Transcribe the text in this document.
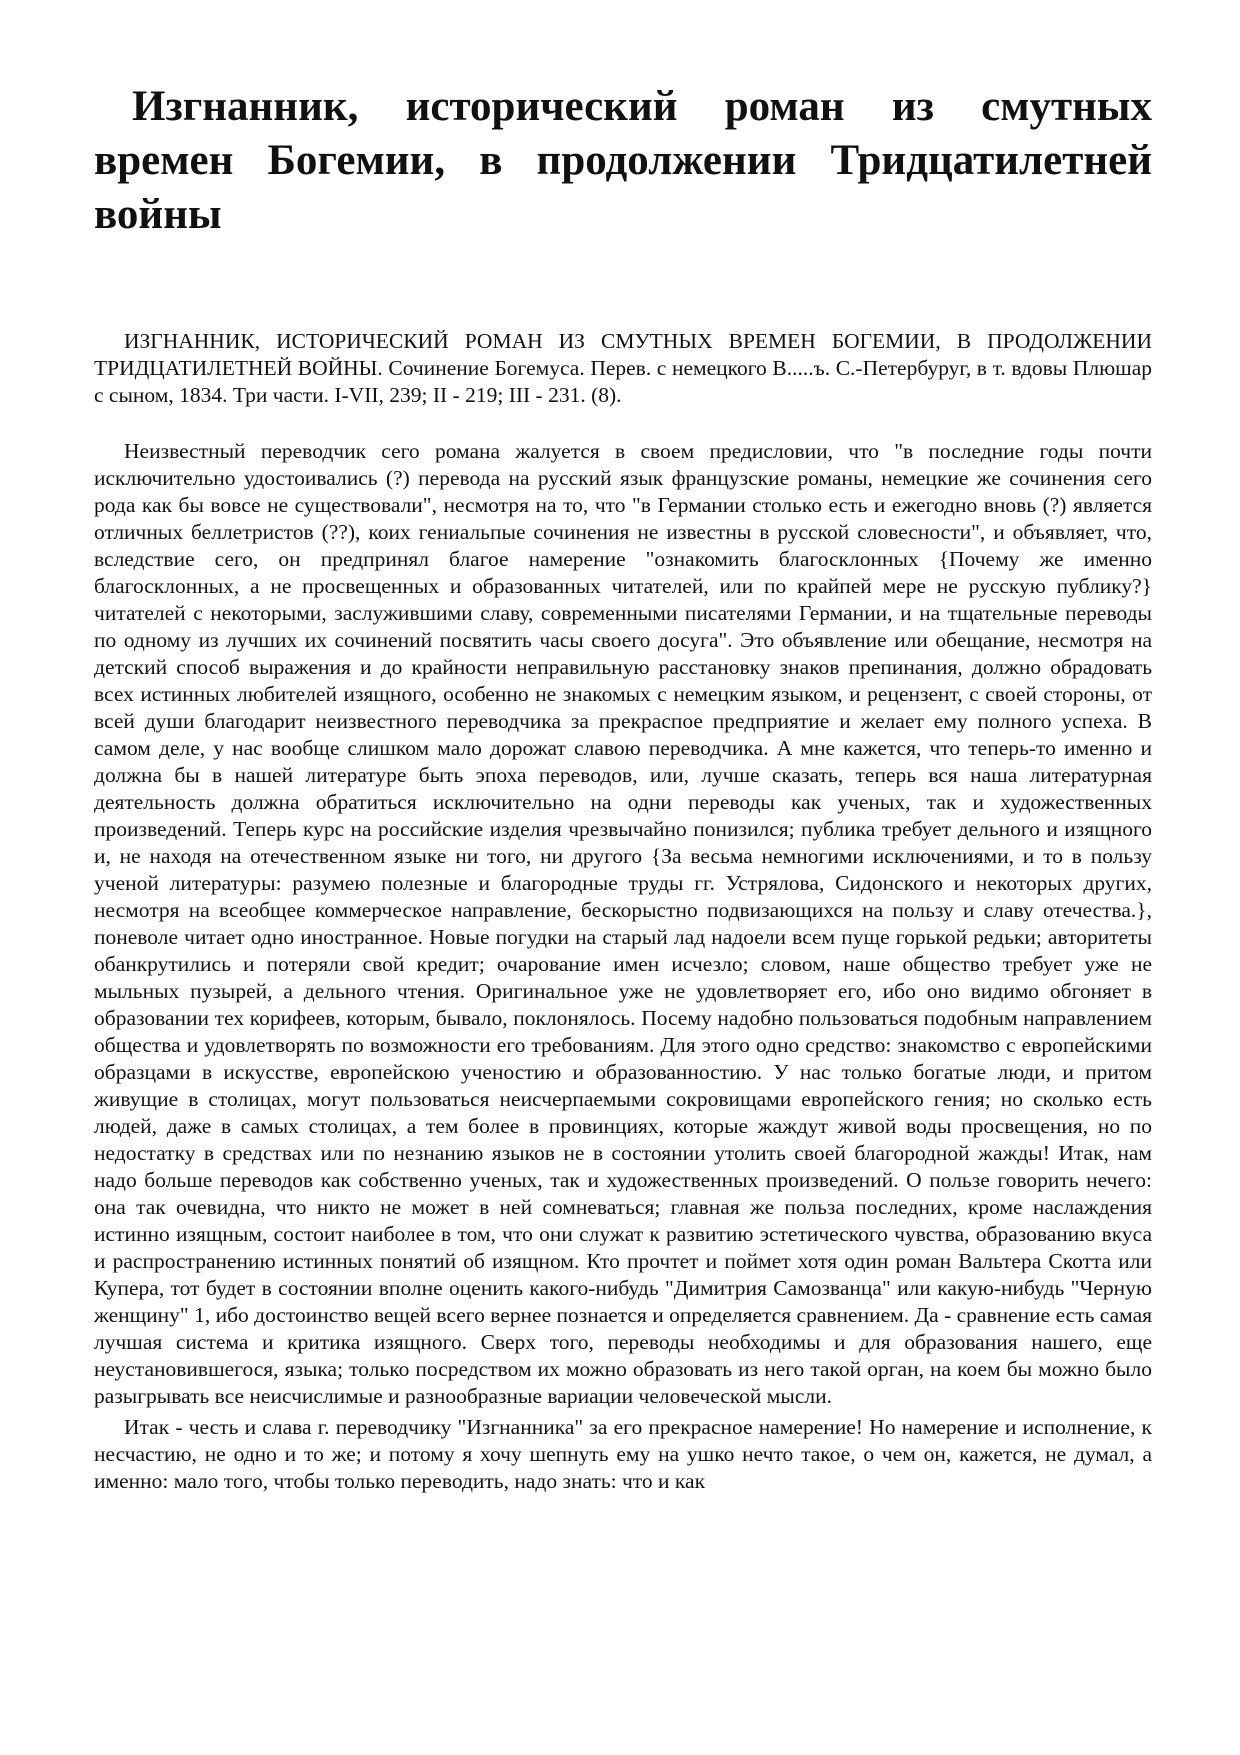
Изгнанник, исторический роман из смутных времен Богемии, в продолжении Тридцатилетней войны

ИЗГНАННИК, ИСТОРИЧЕСКИЙ РОМАН ИЗ СМУТНЫХ ВРЕМЕН БОГЕМИИ, В ПРОДОЛЖЕНИИ ТРИДЦАТИЛЕТНЕЙ ВОЙНЫ. Сочинение Богемуса. Перев. с немецкого В.....ъ. С.-Петербуруг, в т. вдовы Плюшар с сыном, 1834. Три части. I-VII, 239; II - 219; III - 231. (8).

Неизвестный переводчик сего романа жалуется в своем предисловии, что "в последние годы почти исключительно удостоивались (?) перевода на русский язык французские романы, немецкие же сочинения сего рода как бы вовсе не существовали", несмотря на то, что "в Германии столько есть и ежегодно вновь (?) является отличных беллетристов (??), коих гениальпые сочинения не известны в русской словесности", и объявляет, что, вследствие сего, он предпринял благое намерение "ознакомить благосклонных {Почему же именно благосклонных, а не просвещенных и образованных читателей, или по крайпей мере не русскую публику?} читателей с некоторыми, заслужившими славу, современными писателями Германии, и на тщательные переводы по одному из лучших их сочинений посвятить часы своего досуга". Это объявление или обещание, несмотря на детский способ выражения и до крайности неправильную расстановку знаков препинания, должно обрадовать всех истинных любителей изящного, особенно не знакомых с немецким языком, и рецензент, с своей стороны, от всей души благодарит неизвестного переводчика за прекраспое предприятие и желает ему полного успеха. В самом деле, у нас вообще слишком мало дорожат славою переводчика. А мне кажется, что теперь-то именно и должна бы в нашей литературе быть эпоха переводов, или, лучше сказать, теперь вся наша литературная деятельность должна обратиться исключительно на одни переводы как ученых, так и художественных произведений. Теперь курс на российские изделия чрезвычайно понизился; публика требует дельного и изящного и, не находя на отечественном языке ни того, ни другого {За весьма немногими исключениями, и то в пользу ученой литературы: разумею полезные и благородные труды гг. Устрялова, Сидонского и некоторых других, несмотря на всеобщее коммерческое направление, бескорыстно подвизающихся на пользу и славу отечества.}, поневоле читает одно иностранное. Новые погудки на старый лад надоели всем пуще горькой редьки; авторитеты обанкрутились и потеряли свой кредит; очарование имен исчезло; словом, наше общество требует уже не мыльных пузырей, а дельного чтения. Оригинальное уже не удовлетворяет его, ибо оно видимо обгоняет в образовании тех корифеев, которым, бывало, поклонялось. Посему надобно пользоваться подобным направлением общества и удовлетворять по возможности его требованиям. Для этого одно средство: знакомство с европейскими образцами в искусстве, европейскою ученостию и образованностию. У нас только богатые люди, и притом живущие в столицах, могут пользоваться неисчерпаемыми сокровищами европейского гения; но сколько есть людей, даже в самых столицах, а тем более в провинциях, которые жаждут живой воды просвещения, но по недостатку в средствах или по незнанию языков не в состоянии утолить своей благородной жажды! Итак, нам надо больше переводов как собственно ученых, так и художественных произведений. О пользе говорить нечего: она так очевидна, что никто не может в ней сомневаться; главная же польза последних, кроме наслаждения истинно изящным, состоит наиболее в том, что они служат к развитию эстетического чувства, образованию вкуса и распространению истинных понятий об изящном. Кто прочтет и поймет хотя один роман Вальтера Скотта или Купера, тот будет в состоянии вполне оценить какого-нибудь "Димитрия Самозванца" или какую-нибудь "Черную женщину" 1, ибо достоинство вещей всего вернее познается и определяется сравнением. Да - сравнение есть самая лучшая система и критика изящного. Сверх того, переводы необходимы и для образования нашего, еще неустановившегося, языка; только посредством их можно образовать из него такой орган, на коем бы можно было разыгрывать все неисчислимые и разнообразные вариации человеческой мысли.

Итак - честь и слава г. переводчику "Изгнанника" за его прекрасное намерение! Но намерение и исполнение, к несчастию, не одно и то же; и потому я хочу шепнуть ему на ушко нечто такое, о чем он, кажется, не думал, а именно: мало того, чтобы только переводить, надо знать: что и как
